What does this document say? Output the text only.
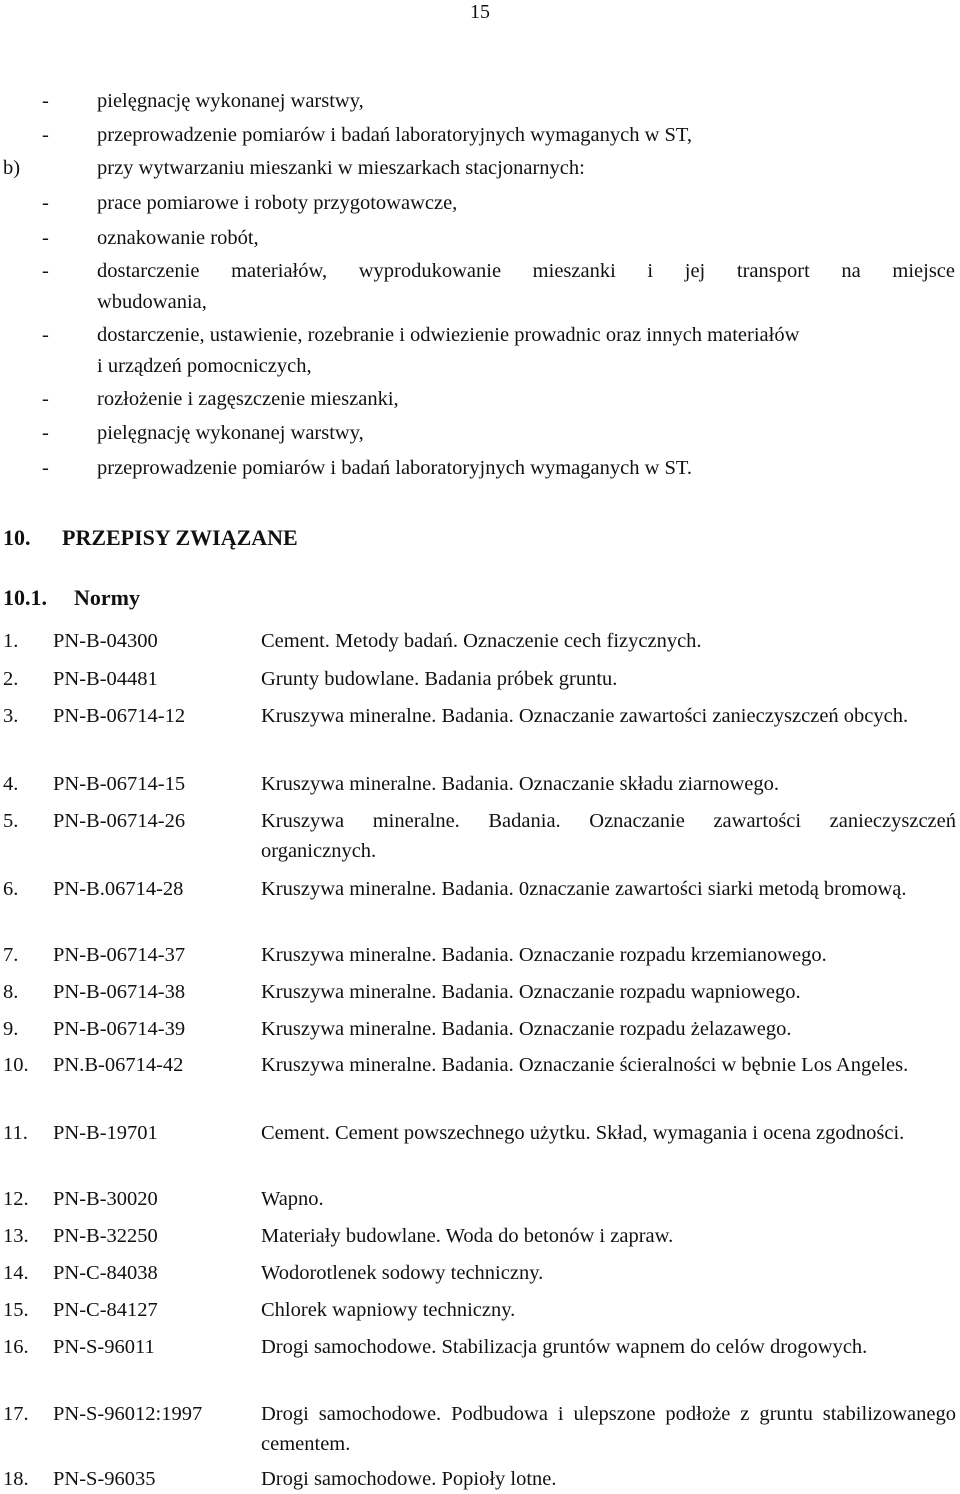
15
- pielęgnację wykonanej warstwy,
- przeprowadzenie pomiarów i badań laboratoryjnych wymaganych w ST,
b)	przy wytwarzaniu mieszanki w mieszarkach stacjonarnych:
- prace pomiarowe i roboty przygotowawcze,
- oznakowanie robót,
- dostarczenie materiałów, wyprodukowanie mieszanki i jej transport na miejsce
wbudowania,
- dostarczenie, ustawienie, rozebranie i odwiezienie prowadnic oraz innych materiałów
i urządzeń pomocniczych,
- rozłożenie i zagęszczenie mieszanki,
- pielęgnację wykonanej warstwy,
- przeprowadzenie pomiarów i badań laboratoryjnych wymaganych w ST.
10. PRZEPISY ZWIĄZANE
10.1. Normy
1. PN-B-04300	Cement. Metody badań. Oznaczenie cech fizycznych.
2. PN-B-04481	Grunty budowlane. Badania próbek gruntu.
3. PN-B-06714-12	Kruszywa mineralne. Badania. Oznaczanie zawartości zanieczyszczeń obcych.
4. PN-B-06714-15	Kruszywa mineralne. Badania. Oznaczanie składu ziarnowego.
5. PN-B-06714-26	Kruszywa mineralne. Badania. Oznaczanie zawartości zanieczyszczeń organicznych.
6. PN-B.06714-28	Kruszywa mineralne. Badania. 0znaczanie zawartości siarki metodą bromową.
7. PN-B-06714-37	Kruszywa mineralne. Badania. Oznaczanie rozpadu krzemianowego.
8. PN-B-06714-38	Kruszywa mineralne. Badania. Oznaczanie rozpadu wapniowego.
9. PN-B-06714-39	Kruszywa mineralne. Badania. Oznaczanie rozpadu żelazawego.
10. PN.B-06714-42	Kruszywa mineralne. Badania. Oznaczanie ścieralności w bębnie Los Angeles.
11. PN-B-19701	Cement. Cement powszechnego użytku. Skład, wymagania i ocena zgodności.
12. PN-B-30020	Wapno.
13. PN-B-32250	Materiały budowlane. Woda do betonów i zapraw.
14. PN-C-84038	Wodorotlenek sodowy techniczny.
15. PN-C-84127	Chlorek wapniowy techniczny.
16. PN-S-96011	Drogi samochodowe. Stabilizacja gruntów wapnem do celów drogowych.
17. PN-S-96012:1997	Drogi samochodowe. Podbudowa i ulepszone podłoże z gruntu stabilizowanego cementem.
18. PN-S-96035	Drogi samochodowe. Popioły lotne.
